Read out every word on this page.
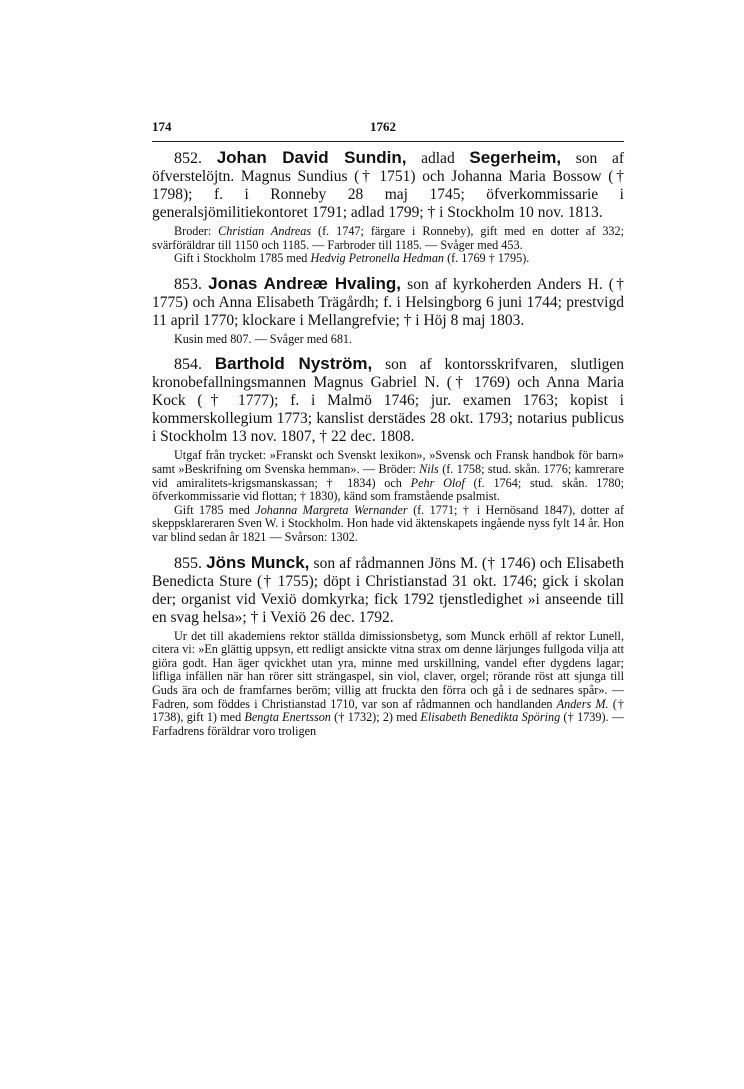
174	1762

852. Johan David Sundin, adlad Segerheim, son af öfverstelöjtn. Magnus Sundius († 1751) och Johanna Maria Bossow († 1798); f. i Ronneby 28 maj 1745; öfverkommissarie i generalsjömilitiekontoret 1791; adlad 1799; † i Stockholm 10 nov. 1813.

Broder: Christian Andreas (f. 1747; färgare i Ronneby), gift med en dotter af 332; svärföräldrar till 1150 och 1185. — Farbroder till 1185. — Svåger med 453.

Gift i Stockholm 1785 med Hedvig Petronella Hedman (f. 1769 † 1795).

853. Jonas Andreæ Hvaling, son af kyrkoherden Anders H. († 1775) och Anna Elisabeth Trägårdh; f. i Helsingborg 6 juni 1744; prestvigd 11 april 1770; klockare i Mellangrefvie; † i Höj 8 maj 1803.

Kusin med 807. — Svåger med 681.

854. Barthold Nyström, son af kontorsskrifvaren, slutligen kronobefallningsmannen Magnus Gabriel N. († 1769) och Anna Maria Kock († 1777); f. i Malmö 1746; jur. examen 1763; kopist i kommerskollegium 1773; kanslist derstädes 28 okt. 1793; notarius publicus i Stockholm 13 nov. 1807, † 22 dec. 1808.

Utgaf från trycket: »Franskt och Svenskt lexikon», »Svensk och Fransk handbok för barn» samt »Beskrifning om Svenska hemman». — Bröder: Nils (f. 1758; stud. skån. 1776; kamrerare vid amiralitets-krigsmanskassan; † 1834) och Pehr Olof (f. 1764; stud. skån. 1780; öfverkommissarie vid flottan; † 1830), känd som framstående psalmist.

Gift 1785 med Johanna Margreta Wernander (f. 1771; † i Hernösand 1847), dotter af skeppsklareraren Sven W. i Stockholm. Hon hade vid äktenskapets ingående nyss fylt 14 år. Hon var blind sedan år 1821 — Svårson: 1302.

855. Jöns Munck, son af rådmannen Jöns M. († 1746) och Elisabeth Benedicta Sture († 1755); döpt i Christianstad 31 okt. 1746; gick i skolan der; organist vid Vexiö domkyrka; fick 1792 tjenstledighet »i anseende till en svag helsa»; † i Vexiö 26 dec. 1792.

Ur det till akademiens rektor ställda dimissionsbetyg, som Munck erhöll af rektor Lunell, citera vi: »En glättig uppsyn, ett redligt ansickte vitna strax om denne lärjunges fullgoda vilja att giöra godt. Han äger qvickhet utan yra, minne med urskillning, vandel efter dygdens lagar; lifliga infällen när han rörer sitt strängaspel, sin viol, claver, orgel; rörande röst att sjunga till Guds ära och de framfarnes beröm; villig att fruckta den förra och gå i de sednares spår». — Fadren, som föddes i Christianstad 1710, var son af rådmannen och handlanden Anders M. († 1738), gift 1) med Bengta Enertsson († 1732); 2) med Elisabeth Benedikta Spöring († 1739). — Farfadrens föräldrar voro troligen
